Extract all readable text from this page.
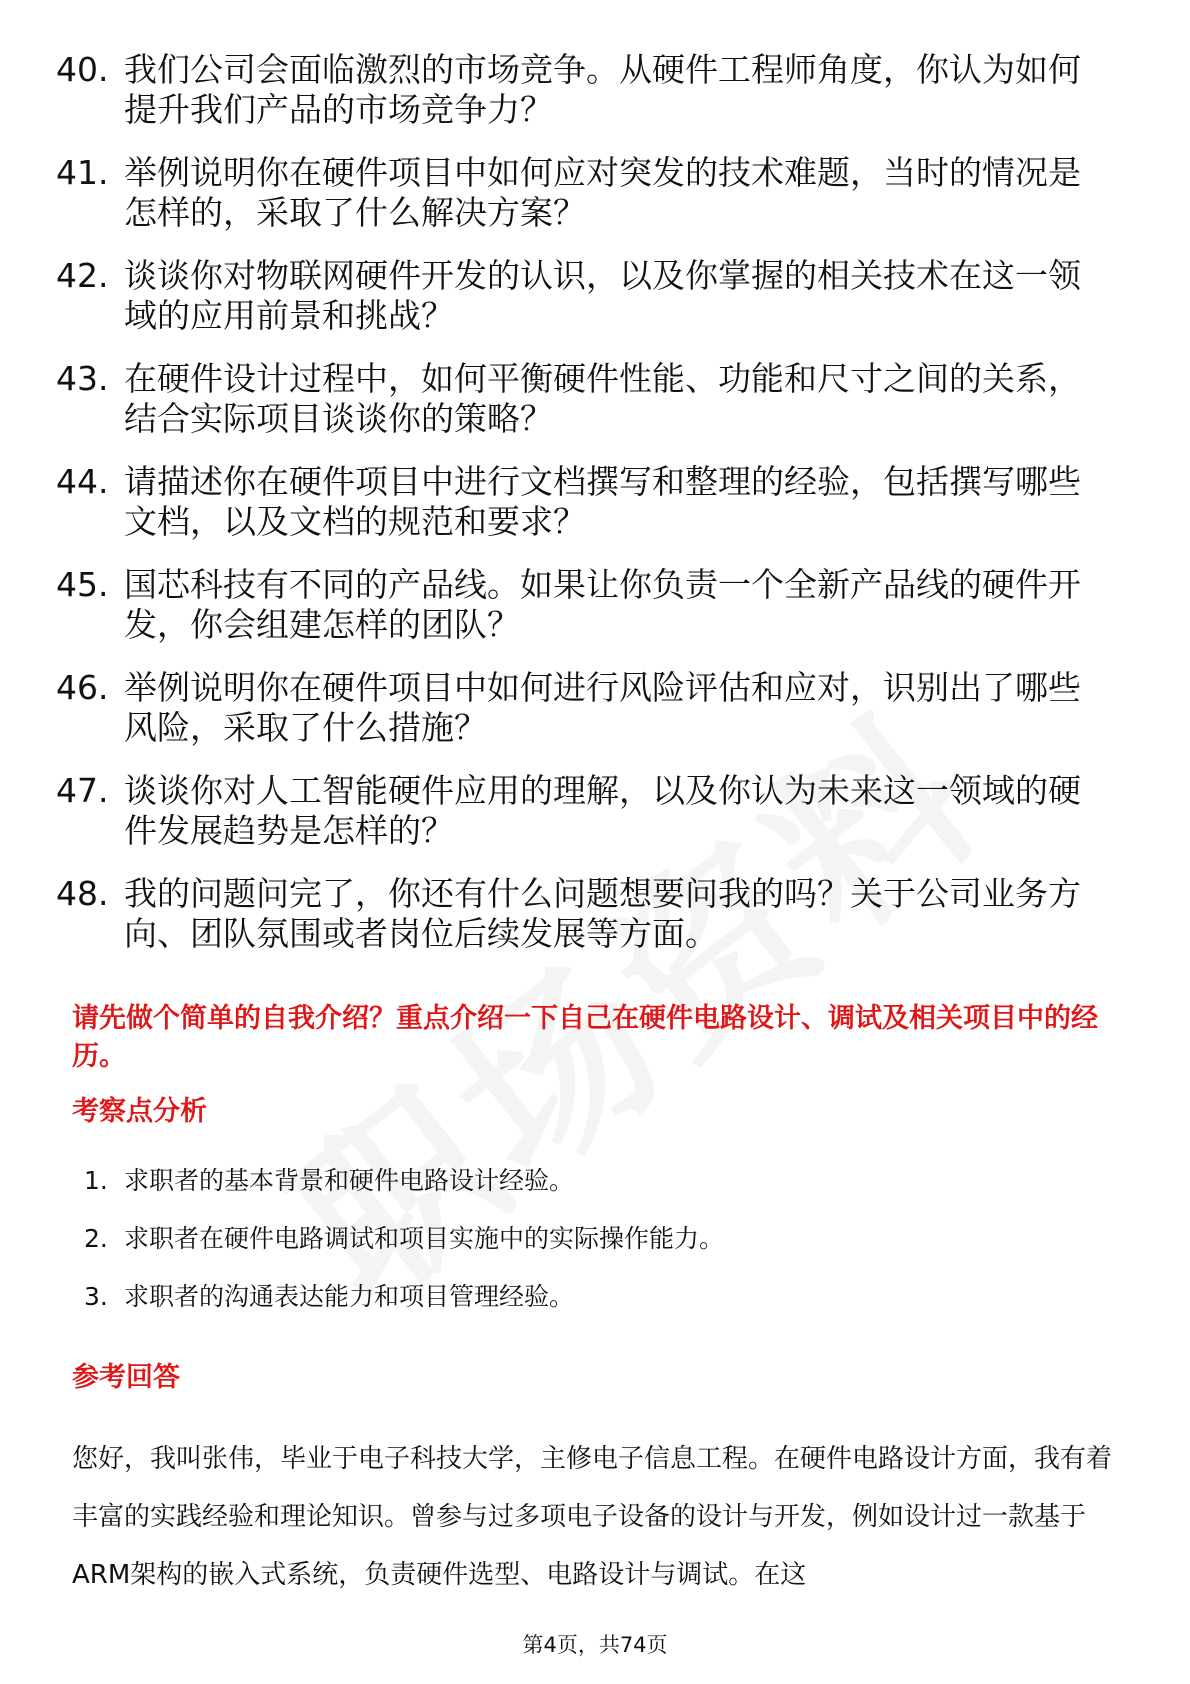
40. 我们公司会面临激烈的市场竞争。从硬件工程师角度，你认为如何提升我们产品的市场竞争力？
41. 举例说明你在硬件项目中如何应对突发的技术难题，当时的情况是怎样的，采取了什么解决方案？
42. 谈谈你对物联网硬件开发的认识，以及你掌握的相关技术在这一领域的应用前景和挑战？
43. 在硬件设计过程中，如何平衡硬件性能、功能和尺寸之间的关系，结合实际项目谈谈你的策略？
44. 请描述你在硬件项目中进行文档撰写和整理的经验，包括撰写哪些文档，以及文档的规范和要求？
45. 国芯科技有不同的产品线。如果让你负责一个全新产品线的硬件开发，你会组建怎样的团队？
46. 举例说明你在硬件项目中如何进行风险评估和应对，识别出了哪些风险，采取了什么措施？
47. 谈谈你对人工智能硬件应用的理解，以及你认为未来这一领域的硬件发展趋势是怎样的？
48. 我的问题问完了，你还有什么问题想要问我的吗？关于公司业务方向、团队氛围或者岗位后续发展等方面。
请先做个简单的自我介绍？重点介绍一下自己在硬件电路设计、调试及相关项目中的经历。
考察点分析
1. 求职者的基本背景和硬件电路设计经验。
2. 求职者在硬件电路调试和项目实施中的实际操作能力。
3. 求职者的沟通表达能力和项目管理经验。
参考回答

您好，我叫张伟，毕业于电子科技大学，主修电子信息工程。在硬件电路设计方面，我有着丰富的实践经验和理论知识。曾参与过多项电子设备的设计与开发，例如设计过一款基于ARM架构的嵌入式系统，负责硬件选型、电路设计与调试。在这

第4页，共74页
